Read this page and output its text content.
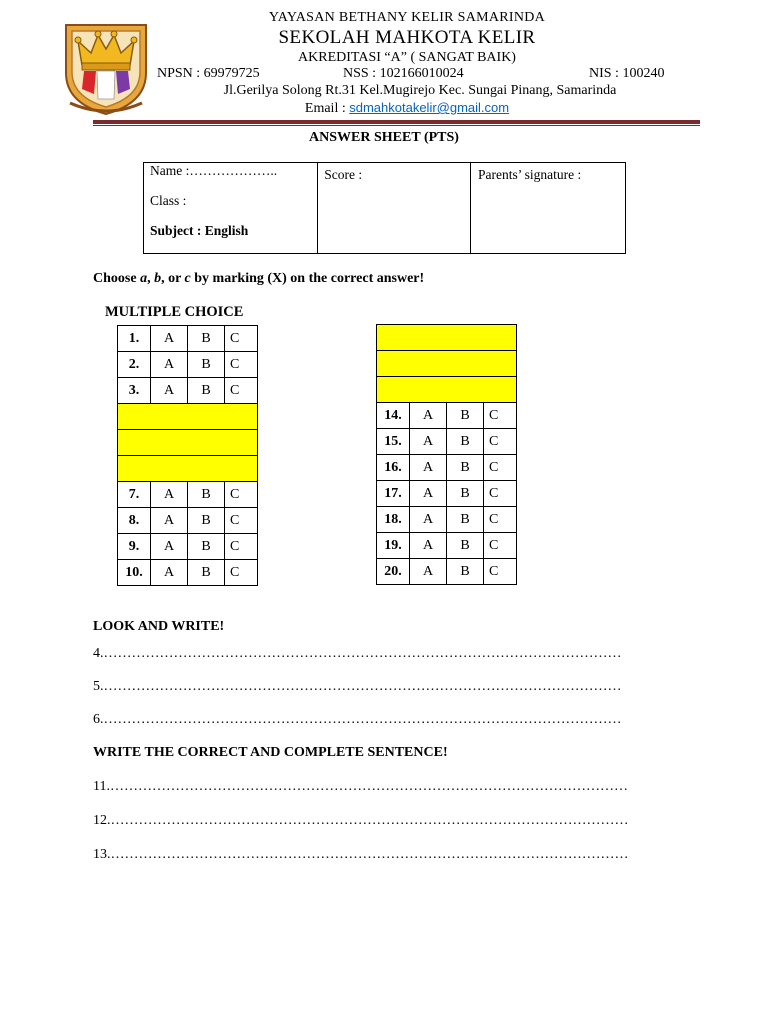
YAYASAN BETHANY KELIR SAMARINDA
SEKOLAH MAHKOTA KELIR
AKREDITASI “A” ( SANGAT BAIK)
NPSN : 69979725	NSS : 102166010024	NIS : 100240
Jl.Gerilya Solong Rt.31 Kel.Mugirejo Kec. Sungai Pinang, Samarinda
Email : sdmahkotakelir@gmail.com
ANSWER SHEET (PTS)
Name :………………..
Class :
Subject : English

Score :	Parents’ signature :
Choose a, b, or c by marking (X) on the correct answer!
MULTIPLE CHOICE
1.	A	B	C
2.	A	B	C
3.	A	B	C

7.	A	B	C
8.	A	B	C
9.	A	B	C
10.	A	B	C

14.	A	B	C
15.	A	B	C
16.	A	B	C
17.	A	B	C
18.	A	B	C
19.	A	B	C
20.	A	B	C
LOOK AND WRITE!
4.…………………………………………………………………………………………………
5.…………………………………………………………………………………………………
6.…………………………………………………………………………………………………
WRITE THE CORRECT AND COMPLETE SENTENCE!
11.…………………………………………………………………………………………………
12.…………………………………………………………………………………………………
13.…………………………………………………………………………………………………
